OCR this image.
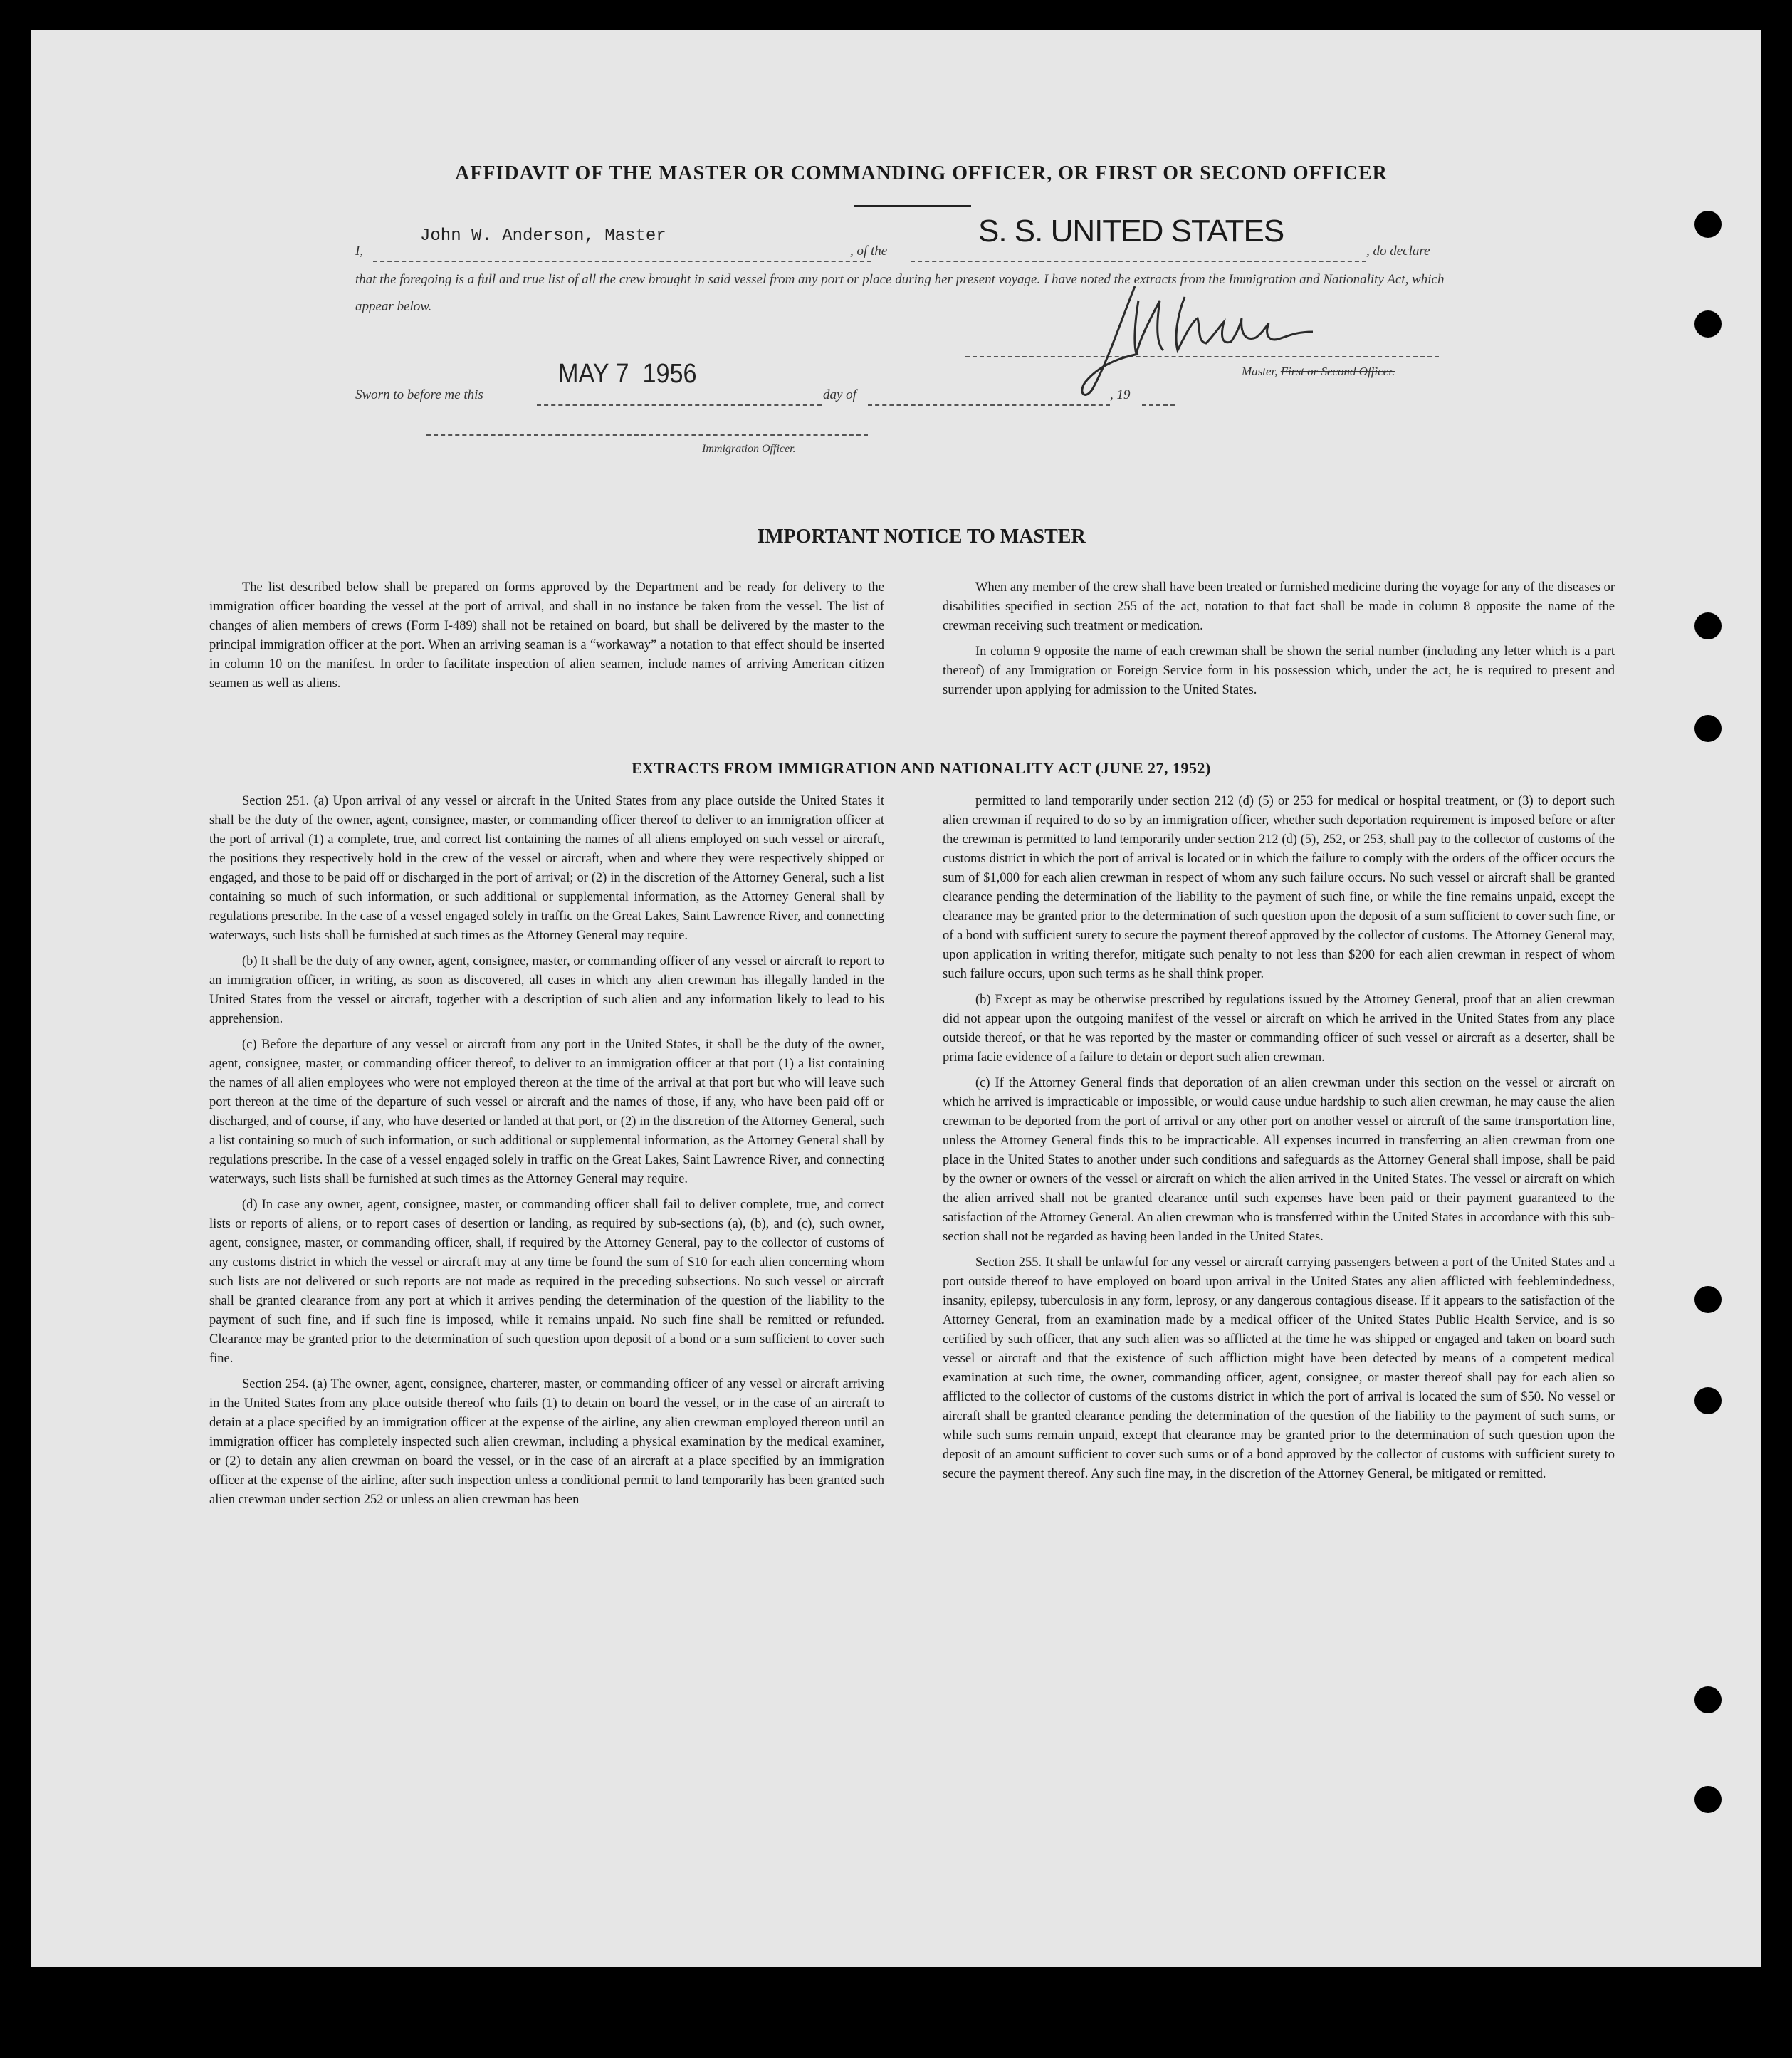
AFFIDAVIT OF THE MASTER OR COMMANDING OFFICER, OR FIRST OR SECOND OFFICER
I,
John W. Anderson, Master
, of the
S. S. UNITED STATES
, do declare
that the foregoing is a full and true list of all the crew brought in said vessel from any port or place during her present voyage. I have noted the extracts from the Immigration and Nationality Act, which appear below.
Master, First or Second Officer.
Sworn to before me this
MAY 7  1956
day of	, 19
Immigration Officer.
IMPORTANT NOTICE TO MASTER

The list described below shall be prepared on forms approved by the Department and be ready for delivery to the immigration officer boarding the vessel at the port of arrival, and shall in no instance be taken from the vessel. The list of changes of alien members of crews (Form I-489) shall not be retained on board, but shall be delivered by the master to the principal immigration officer at the port. When an arriving seaman is a “workaway” a notation to that effect should be inserted in column 10 on the manifest. In order to facilitate inspection of alien seamen, include names of arriving American citizen seamen as well as aliens.

When any member of the crew shall have been treated or furnished medicine during the voyage for any of the diseases or disabilities specified in section 255 of the act, notation to that fact shall be made in column 8 opposite the name of the crewman receiving such treatment or medication.

In column 9 opposite the name of each crewman shall be shown the serial number (including any letter which is a part thereof) of any Immigration or Foreign Service form in his possession which, under the act, he is required to present and surrender upon applying for admission to the United States.

EXTRACTS FROM IMMIGRATION AND NATIONALITY ACT (JUNE 27, 1952)

Section 251. (a) Upon arrival of any vessel or aircraft in the United States from any place outside the United States it shall be the duty of the owner, agent, consignee, master, or commanding officer thereof to deliver to an immigration officer at the port of arrival (1) a complete, true, and correct list containing the names of all aliens employed on such vessel or aircraft, the positions they respectively hold in the crew of the vessel or aircraft, when and where they were respectively shipped or engaged, and those to be paid off or discharged in the port of arrival; or (2) in the discretion of the Attorney General, such a list containing so much of such information, or such additional or supplemental information, as the Attorney General shall by regulations prescribe. In the case of a vessel engaged solely in traffic on the Great Lakes, Saint Lawrence River, and connecting waterways, such lists shall be furnished at such times as the Attorney General may require.

(b) It shall be the duty of any owner, agent, consignee, master, or commanding officer of any vessel or aircraft to report to an immigration officer, in writing, as soon as discovered, all cases in which any alien crewman has illegally landed in the United States from the vessel or aircraft, together with a description of such alien and any information likely to lead to his apprehension.

(c) Before the departure of any vessel or aircraft from any port in the United States, it shall be the duty of the owner, agent, consignee, master, or commanding officer thereof, to deliver to an immigration officer at that port (1) a list containing the names of all alien employees who were not employed thereon at the time of the arrival at that port but who will leave such port thereon at the time of the departure of such vessel or aircraft and the names of those, if any, who have been paid off or discharged, and of course, if any, who have deserted or landed at that port, or (2) in the discretion of the Attorney General, such a list containing so much of such information, or such additional or supplemental information, as the Attorney General shall by regulations prescribe. In the case of a vessel engaged solely in traffic on the Great Lakes, Saint Lawrence River, and connecting waterways, such lists shall be furnished at such times as the Attorney General may require.

(d) In case any owner, agent, consignee, master, or commanding officer shall fail to deliver complete, true, and correct lists or reports of aliens, or to report cases of desertion or landing, as required by sub-sections (a), (b), and (c), such owner, agent, consignee, master, or commanding officer, shall, if required by the Attorney General, pay to the collector of customs of any customs district in which the vessel or aircraft may at any time be found the sum of $10 for each alien concerning whom such lists are not delivered or such reports are not made as required in the preceding subsections. No such vessel or aircraft shall be granted clearance from any port at which it arrives pending the determination of the question of the liability to the payment of such fine, and if such fine is imposed, while it remains unpaid. No such fine shall be remitted or refunded. Clearance may be granted prior to the determination of such question upon deposit of a bond or a sum sufficient to cover such fine.

Section 254. (a) The owner, agent, consignee, charterer, master, or commanding officer of any vessel or aircraft arriving in the United States from any place outside thereof who fails (1) to detain on board the vessel, or in the case of an aircraft to detain at a place specified by an immigration officer at the expense of the airline, any alien crewman employed thereon until an immigration officer has completely inspected such alien crewman, including a physical examination by the medical examiner, or (2) to detain any alien crewman on board the vessel, or in the case of an aircraft at a place specified by an immigration officer at the expense of the airline, after such inspection unless a conditional permit to land temporarily has been granted such alien crewman under section 252 or unless an alien crewman has been

permitted to land temporarily under section 212 (d) (5) or 253 for medical or hospital treatment, or (3) to deport such alien crewman if required to do so by an immigration officer, whether such deportation requirement is imposed before or after the crewman is permitted to land temporarily under section 212 (d) (5), 252, or 253, shall pay to the collector of customs of the customs district in which the port of arrival is located or in which the failure to comply with the orders of the officer occurs the sum of $1,000 for each alien crewman in respect of whom any such failure occurs. No such vessel or aircraft shall be granted clearance pending the determination of the liability to the payment of such fine, or while the fine remains unpaid, except the clearance may be granted prior to the determination of such question upon the deposit of a sum sufficient to cover such fine, or of a bond with sufficient surety to secure the payment thereof approved by the collector of customs. The Attorney General may, upon application in writing therefor, mitigate such penalty to not less than $200 for each alien crewman in respect of whom such failure occurs, upon such terms as he shall think proper.

(b) Except as may be otherwise prescribed by regulations issued by the Attorney General, proof that an alien crewman did not appear upon the outgoing manifest of the vessel or aircraft on which he arrived in the United States from any place outside thereof, or that he was reported by the master or commanding officer of such vessel or aircraft as a deserter, shall be prima facie evidence of a failure to detain or deport such alien crewman.

(c) If the Attorney General finds that deportation of an alien crewman under this section on the vessel or aircraft on which he arrived is impracticable or impossible, or would cause undue hardship to such alien crewman, he may cause the alien crewman to be deported from the port of arrival or any other port on another vessel or aircraft of the same transportation line, unless the Attorney General finds this to be impracticable. All expenses incurred in transferring an alien crewman from one place in the United States to another under such conditions and safeguards as the Attorney General shall impose, shall be paid by the owner or owners of the vessel or aircraft on which the alien arrived in the United States. The vessel or aircraft on which the alien arrived shall not be granted clearance until such expenses have been paid or their payment guaranteed to the satisfaction of the Attorney General. An alien crewman who is transferred within the United States in accordance with this sub-section shall not be regarded as having been landed in the United States.

Section 255. It shall be unlawful for any vessel or aircraft carrying passengers between a port of the United States and a port outside thereof to have employed on board upon arrival in the United States any alien afflicted with feeblemindedness, insanity, epilepsy, tuberculosis in any form, leprosy, or any dangerous contagious disease. If it appears to the satisfaction of the Attorney General, from an examination made by a medical officer of the United States Public Health Service, and is so certified by such officer, that any such alien was so afflicted at the time he was shipped or engaged and taken on board such vessel or aircraft and that the existence of such affliction might have been detected by means of a competent medical examination at such time, the owner, commanding officer, agent, consignee, or master thereof shall pay for each alien so afflicted to the collector of customs of the customs district in which the port of arrival is located the sum of $50. No vessel or aircraft shall be granted clearance pending the determination of the question of the liability to the payment of such sums, or while such sums remain unpaid, except that clearance may be granted prior to the determination of such question upon the deposit of an amount sufficient to cover such sums or of a bond approved by the collector of customs with sufficient surety to secure the payment thereof. Any such fine may, in the discretion of the Attorney General, be mitigated or remitted.
